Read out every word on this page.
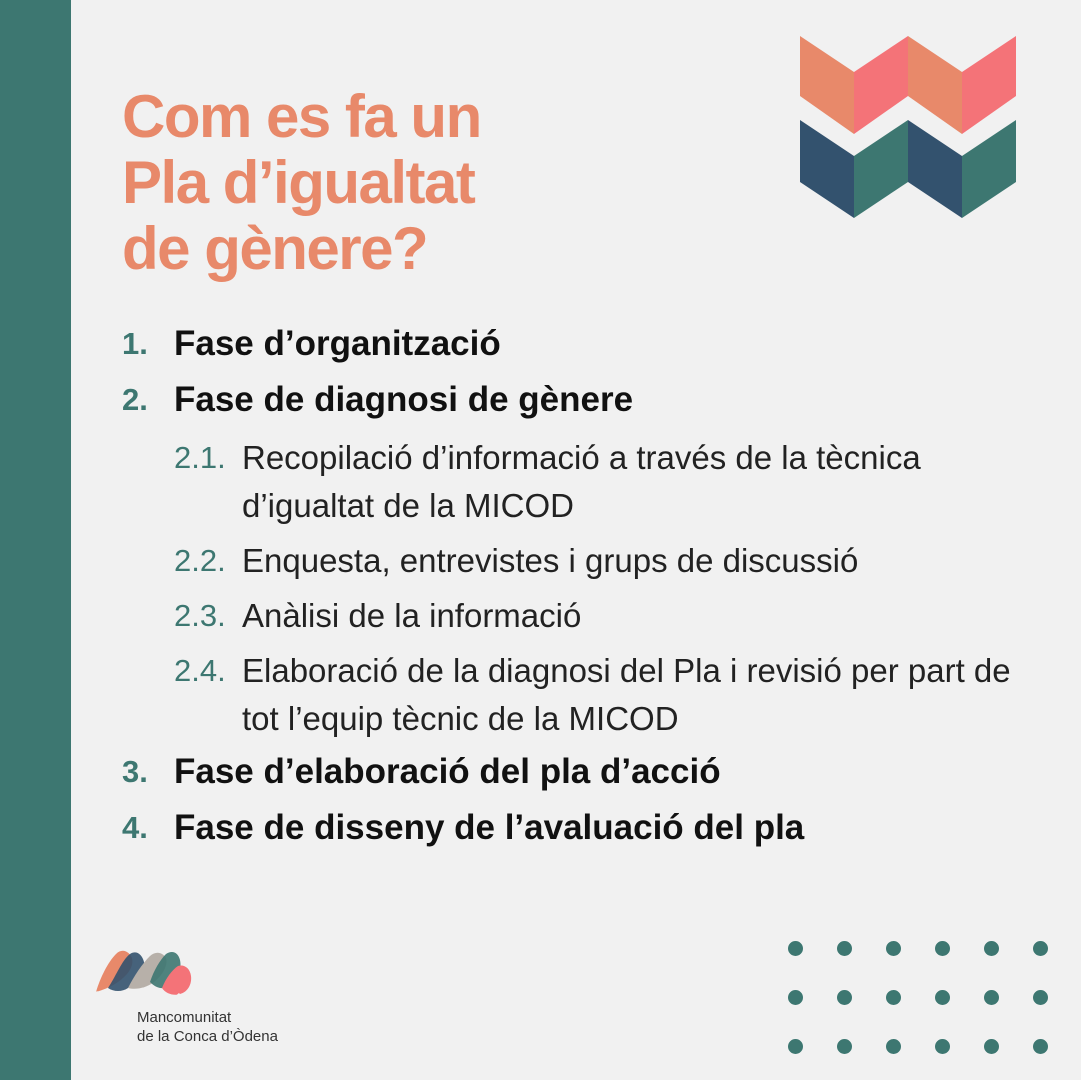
Com es fa un
Pla d’igualtat
de gènere?
1. Fase d’organització
2. Fase de diagnosi de gènere
2.1. Recopilació d’informació a través de la tècnica d’igualtat de la MICOD
2.2. Enquesta, entrevistes i grups de discussió
2.3. Anàlisi de la informació
2.4. Elaboració de la diagnosi del Pla i revisió per part de tot l’equip tècnic de la MICOD
3. Fase d’elaboració del pla d’acció
4. Fase de disseny de l’avaluació del pla
Mancomunitat
de la Conca d’Òdena
